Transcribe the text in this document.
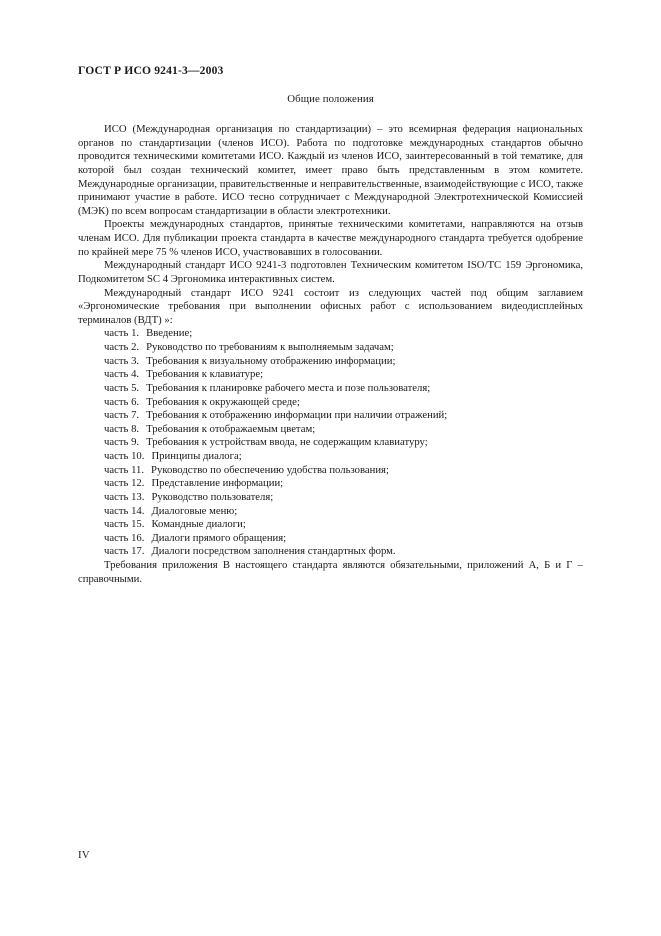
ГОСТ Р ИСО 9241-3—2003
Общие положения

ИСО (Международная организация по стандартизации) – это всемирная федерация национальных органов по стандартизации (членов ИСО). Работа по подготовке международных стандартов обычно проводится техническими комитетами ИСО. Каждый из членов ИСО, заинтересованный в той тематике, для которой был создан технический комитет, имеет право быть представленным в этом комитете. Международные организации, правительственные и неправительственные, взаимодействующие с ИСО, также принимают участие в работе. ИСО тесно сотрудничает с Международной Электротехнической Комиссией (МЭК) по всем вопросам стандартизации в области электротехники.

Проекты международных стандартов, принятые техническими комитетами, направляются на отзыв членам ИСО. Для публикации проекта стандарта в качестве международного стандарта требуется одобрение по крайней мере 75 % членов ИСО, участвовавших в голосовании.

Международный стандарт ИСО 9241-3 подготовлен Техническим комитетом ISO/TC 159 Эргономика, Подкомитетом SC 4 Эргономика интерактивных систем.

Международный стандарт ИСО 9241 состоит из следующих частей под общим заглавием «Эргономические требования при выполнении офисных работ с использованием видеодисплейных терминалов (ВДТ) »:

часть 1. Введение;
часть 2. Руководство по требованиям к выполняемым задачам;
часть 3. Требования к визуальному отображению информации;
часть 4. Требования к клавиатуре;
часть 5. Требования к планировке рабочего места и позе пользователя;
часть 6. Требования к окружающей среде;
часть 7. Требования к отображению информации при наличии отражений;
часть 8. Требования к отображаемым цветам;
часть 9. Требования к устройствам ввода, не содержащим клавиатуру;
часть 10. Принципы диалога;
часть 11. Руководство по обеспечению удобства пользования;
часть 12. Представление информации;
часть 13. Руководство пользователя;
часть 14. Диалоговые меню;
часть 15. Командные диалоги;
часть 16. Диалоги прямого обращения;
часть 17. Диалоги посредством заполнения стандартных форм.

Требования приложения В настоящего стандарта являются обязательными, приложений А, Б и Г – справочными.

IV
